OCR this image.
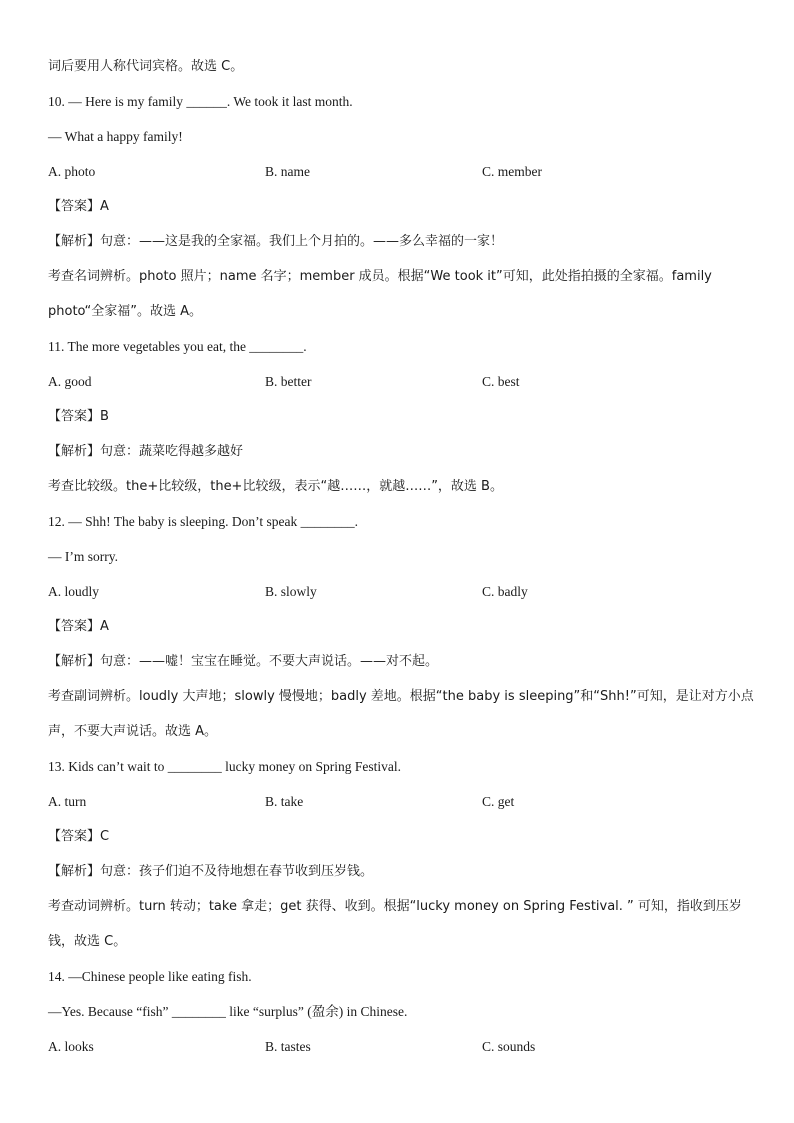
词后要用人称代词宾格。故选 C。
10. — Here is my family ______. We took it last month.
— What a happy family!
A. photo	B. name	C. member
【答案】A
【解析】句意：——这是我的全家福。我们上个月拍的。——多么幸福的一家！
考查名词辨析。photo 照片；name 名字；member 成员。根据“We took it”可知，此处指拍摄的全家福。family
photo“全家福”。故选 A。
11. The more vegetables you eat, the ________.
A. good	B. better	C. best
【答案】B
【解析】句意：蔬菜吃得越多越好
考查比较级。the+比较级，the+比较级，表示“越……，就越……”，故选 B。
12. — Shh! The baby is sleeping. Don’t speak ________.
— I’m sorry.
A. loudly	B. slowly	C. badly
【答案】A
【解析】句意：——嘘！宝宝在睡觉。不要大声说话。——对不起。
考查副词辨析。loudly 大声地；slowly 慢慢地；badly 差地。根据“the baby is sleeping”和“Shh!”可知，是让对方小点
声，不要大声说话。故选 A。
13. Kids can’t wait to ________ lucky money on Spring Festival.
A. turn	B. take	C. get
【答案】C
【解析】句意：孩子们迫不及待地想在春节收到压岁钱。
考查动词辨析。turn 转动；take 拿走；get 获得、收到。根据“lucky money on Spring Festival. ” 可知，指收到压岁
钱，故选 C。
14. —Chinese people like eating fish.
—Yes. Because “fish” ________ like “surplus” (盈余) in Chinese.
A. looks	B. tastes	C. sounds
